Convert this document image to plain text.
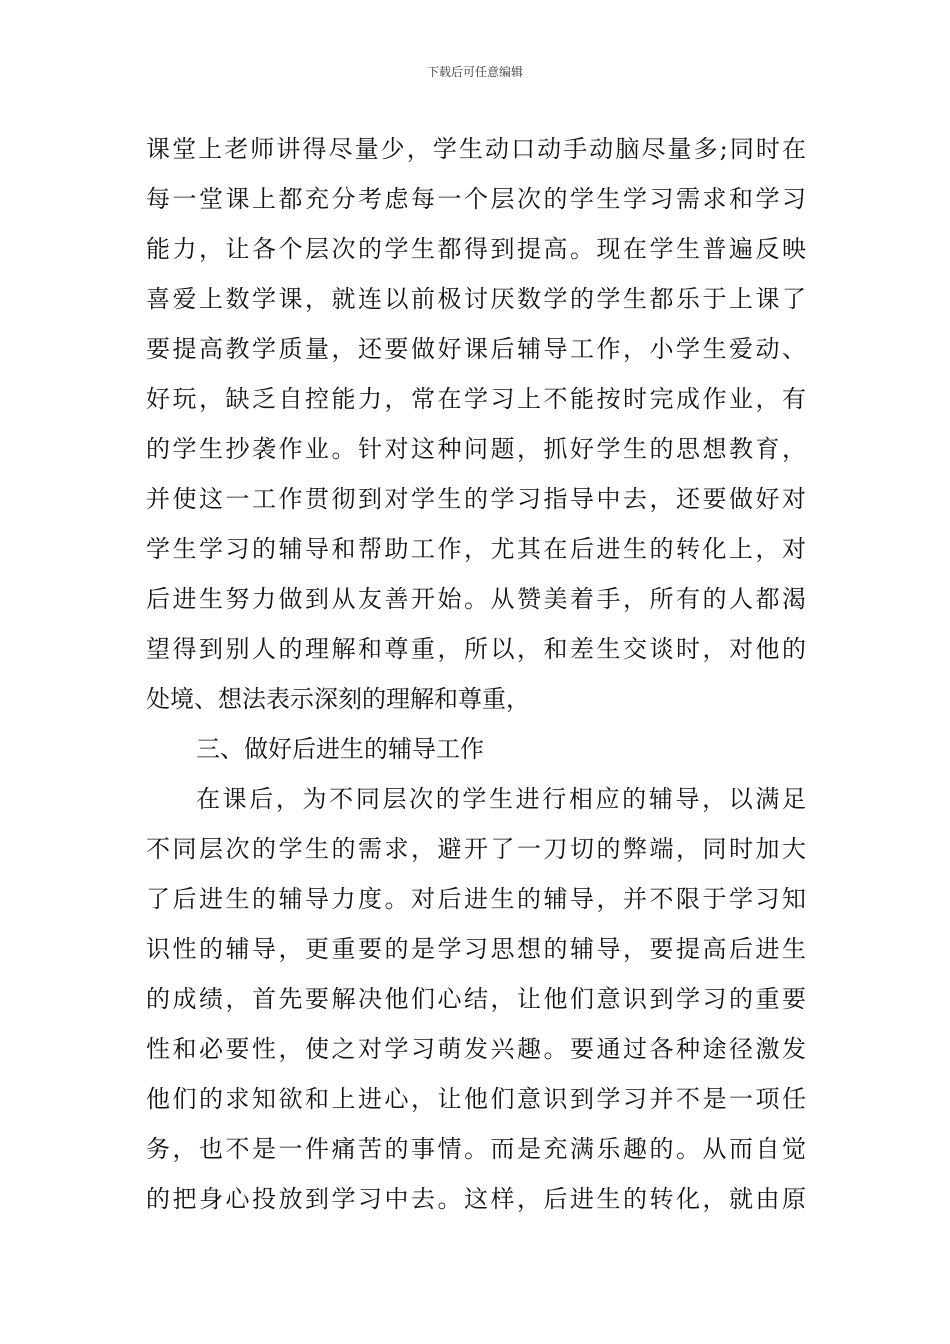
下载后可任意编辑
课堂上老师讲得尽量少，学生动口动手动脑尽量多;同时在
每一堂课上都充分考虑每一个层次的学生学习需求和学习
能力，让各个层次的学生都得到提高。现在学生普遍反映
喜爱上数学课，就连以前极讨厌数学的学生都乐于上课了
要提高教学质量，还要做好课后辅导工作，小学生爱动、
好玩，缺乏自控能力，常在学习上不能按时完成作业，有
的学生抄袭作业。针对这种问题，抓好学生的思想教育，
并使这一工作贯彻到对学生的学习指导中去，还要做好对
学生学习的辅导和帮助工作，尤其在后进生的转化上，对
后进生努力做到从友善开始。从赞美着手，所有的人都渴
望得到别人的理解和尊重，所以，和差生交谈时，对他的
处境、想法表示深刻的理解和尊重，
三、做好后进生的辅导工作
在课后，为不同层次的学生进行相应的辅导，以满足
不同层次的学生的需求，避开了一刀切的弊端，同时加大
了后进生的辅导力度。对后进生的辅导，并不限于学习知
识性的辅导，更重要的是学习思想的辅导，要提高后进生
的成绩，首先要解决他们心结，让他们意识到学习的重要
性和必要性，使之对学习萌发兴趣。要通过各种途径激发
他们的求知欲和上进心，让他们意识到学习并不是一项任
务，也不是一件痛苦的事情。而是充满乐趣的。从而自觉
的把身心投放到学习中去。这样，后进生的转化，就由原
